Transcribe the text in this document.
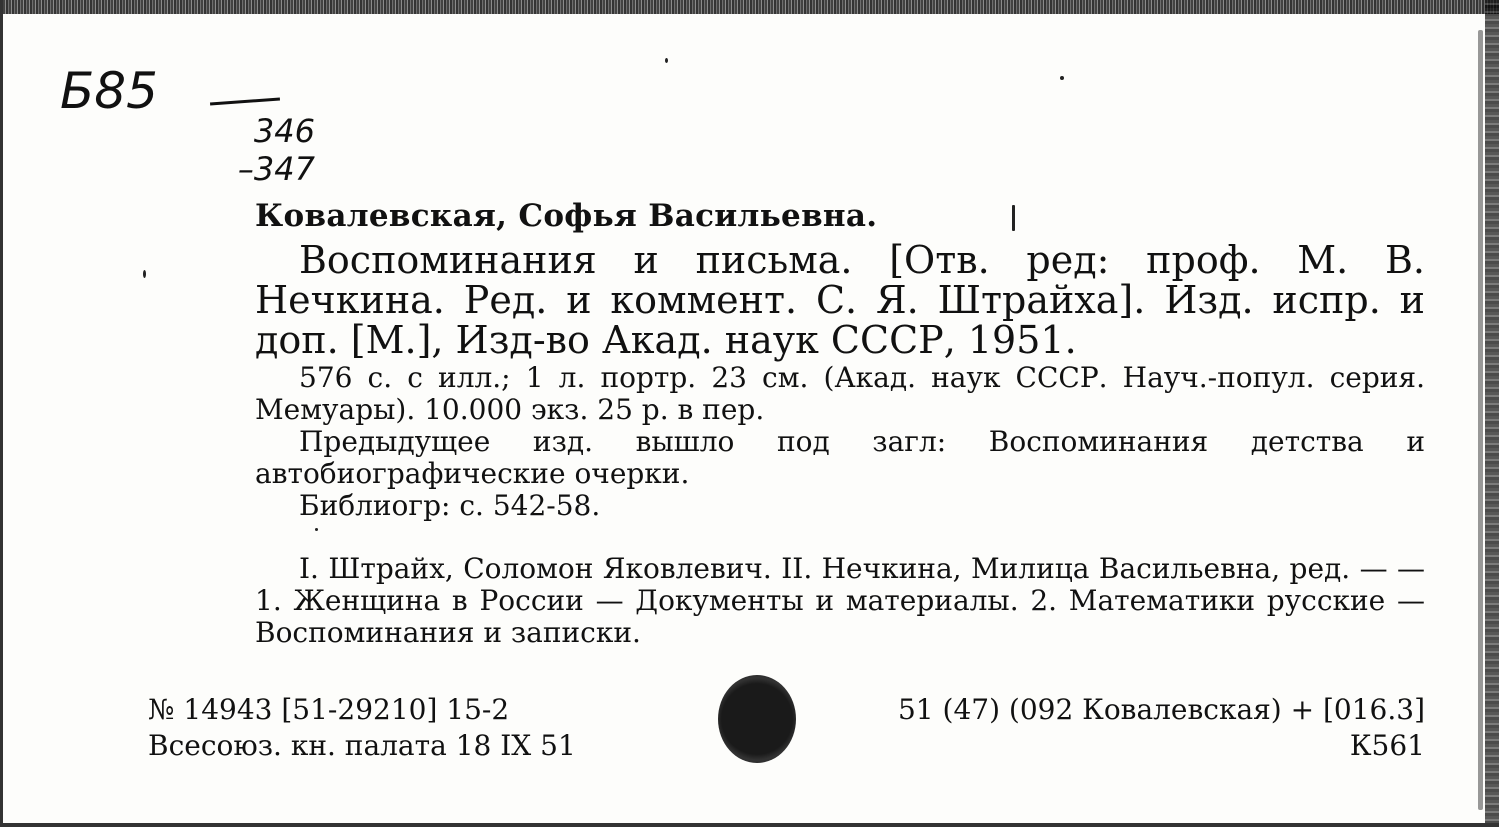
Б85
346
–347
Ковалевская, Софья Васильевна.
Воспоминания и письма. [Отв. ред: проф. М. В. Нечкина. Ред. и коммент. С. Я. Штрайха]. Изд. испр. и доп. [М.], Изд-во Акад. наук СССР, 1951.
576 с. с илл.; 1 л. портр. 23 см. (Акад. наук СССР. Науч.-попул. серия. Мемуары). 10.000 экз. 25 р. в пер.
Предыдущее изд. вышло под загл: Воспоминания детства и автобиографические очерки.
Библиогр: с. 542-58.
I. Штрайх, Соломон Яковлевич. II. Нечкина, Милица Васильевна, ред. — — 1. Женщина в России — Документы и материалы. 2. Математики русские — Воспоминания и записки.
№ 14943 [51-29210] 15-2
Всесоюз. кн. палата 18 IX 51
51 (47) (092 Ковалевская) + [016.3]
К561
